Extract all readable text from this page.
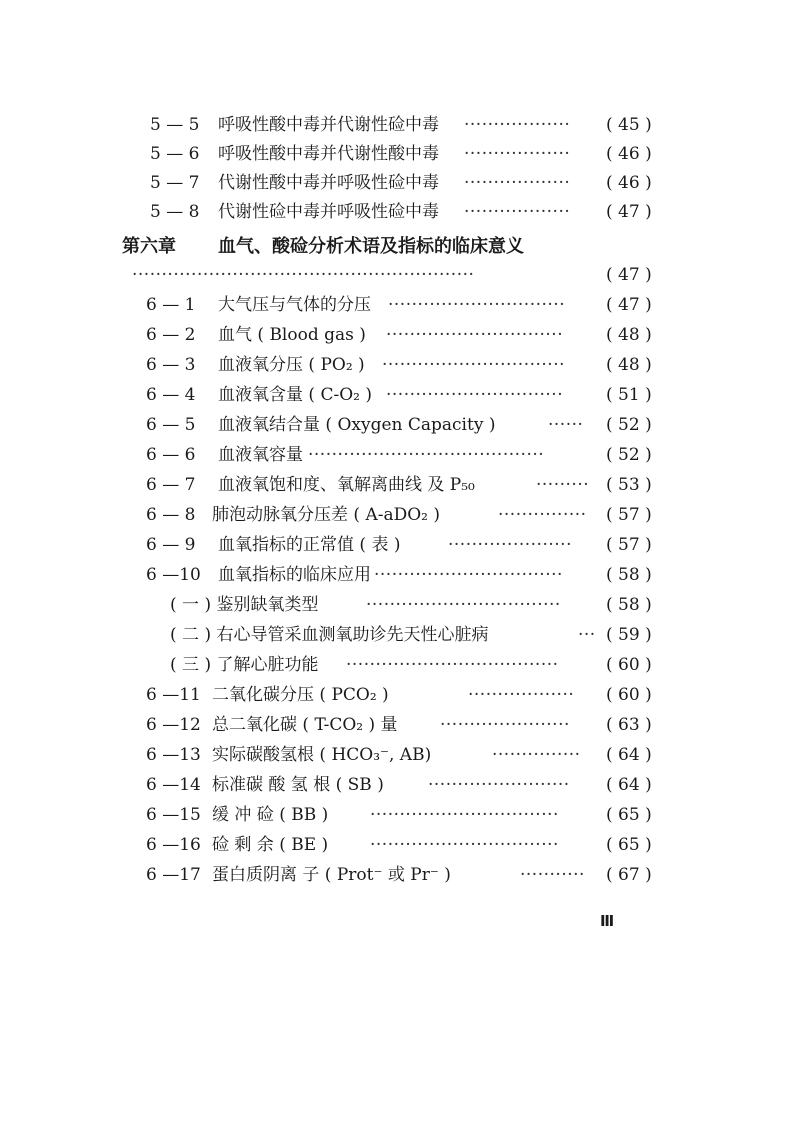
5 — 5 呼吸性酸中毒并代谢性硷中毒 ··················	( 45 )
5 — 6 呼吸性酸中毒并代谢性酸中毒 ··················	( 46 )
5 — 7 代谢性酸中毒并呼吸性硷中毒 ··················	( 46 )
5 — 8 代谢性硷中毒并呼吸性硷中毒 ··················	( 47 )
第六章 血气、酸硷分析术语及指标的临床意义
··························································	( 47 )
6 — 1 大气压与气体的分压 ······························	( 47 )
6 — 2 血气 ( Blood gas ) ······························	( 48 )
6 — 3 血液氧分压 ( PO₂ ) ·······························	( 48 )
6 — 4 血液氧含量 ( C-O₂ ) ······························	( 51 )
6 — 5 血液氧结合量 ( Oxygen Capacity )	······	( 52 )
6 — 6 血液氧容量 ········································	( 52 )
6 — 7 血液氧饱和度、氧解离曲线 及 P₅₀	········· ( 53 )
6 — 8 肺泡动脉氧分压差 ( A-aDO₂ )	···············	( 57 )
6 — 9 血氧指标的正常值 ( 表 )	·····················	( 57 )
6 —10 血氧指标的临床应用 ································	( 58 )
( 一 ) 鉴别缺氧类型	·································	( 58 )
( 二 ) 右心导管采血测氧助诊先天性心脏病	··· ( 59 )
( 三 ) 了解心脏功能 ····································	( 60 )
6 —11 二氧化碳分压 ( PCO₂ )	··················	( 60 )
6 —12 总二氧化碳 ( T-CO₂ ) 量 ······················	( 63 )
6 —13 实际碳酸氢根 ( HCO₃⁻, AB)	···············	( 64 )
6 —14 标准碳 酸 氢 根 ( SB )	························	( 64 )
6 —15 缓 冲 硷 ( BB ) ································	( 65 )
6 —16 硷 剩 余 ( BE ) ································	( 65 )
6 —17 蛋白质阴离 子 ( Prot⁻ 或 Pr⁻ )	···········	( 67 )
Ⅲ
